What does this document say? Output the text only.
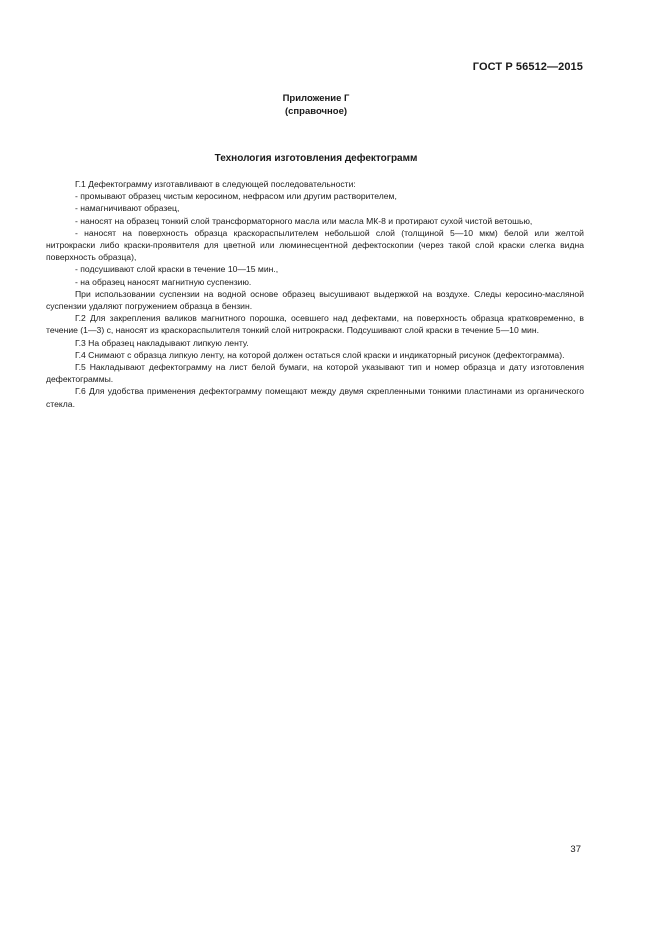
ГОСТ Р 56512—2015
Приложение Г
(справочное)
Технология изготовления дефектограмм

Г.1 Дефектограмму изготавливают в следующей последовательности:

- промывают образец чистым керосином, нефрасом или другим растворителем,

- намагничивают образец,

- наносят на образец тонкий слой трансформаторного масла или масла МК-8 и протирают сухой чистой ветошью,

- наносят на поверхность образца краскораспылителем небольшой слой (толщиной 5—10 мкм) белой или желтой нитрокраски либо краски-проявителя для цветной или люминесцентной дефектоскопии (через такой слой краски слегка видна поверхность образца),

- подсушивают слой краски в течение 10—15 мин.,

- на образец наносят магнитную суспензию.

При использовании суспензии на водной основе образец высушивают выдержкой на воздухе. Следы керосино-масляной суспензии удаляют погружением образца в бензин.

Г.2 Для закрепления валиков магнитного порошка, осевшего над дефектами, на поверхность образца кратковременно, в течение (1—3) с, наносят из краскораспылителя тонкий слой нитрокраски. Подсушивают слой краски в течение 5—10 мин.

Г.3 На образец накладывают липкую ленту.

Г.4 Снимают с образца липкую ленту, на которой должен остаться слой краски и индикаторный рисунок (дефектограмма).

Г.5 Накладывают дефектограмму на лист белой бумаги, на которой указывают тип и номер образца и дату изготовления дефектограммы.

Г.6 Для удобства применения дефектограмму помещают между двумя скрепленными тонкими пластинами из органического стекла.

37
